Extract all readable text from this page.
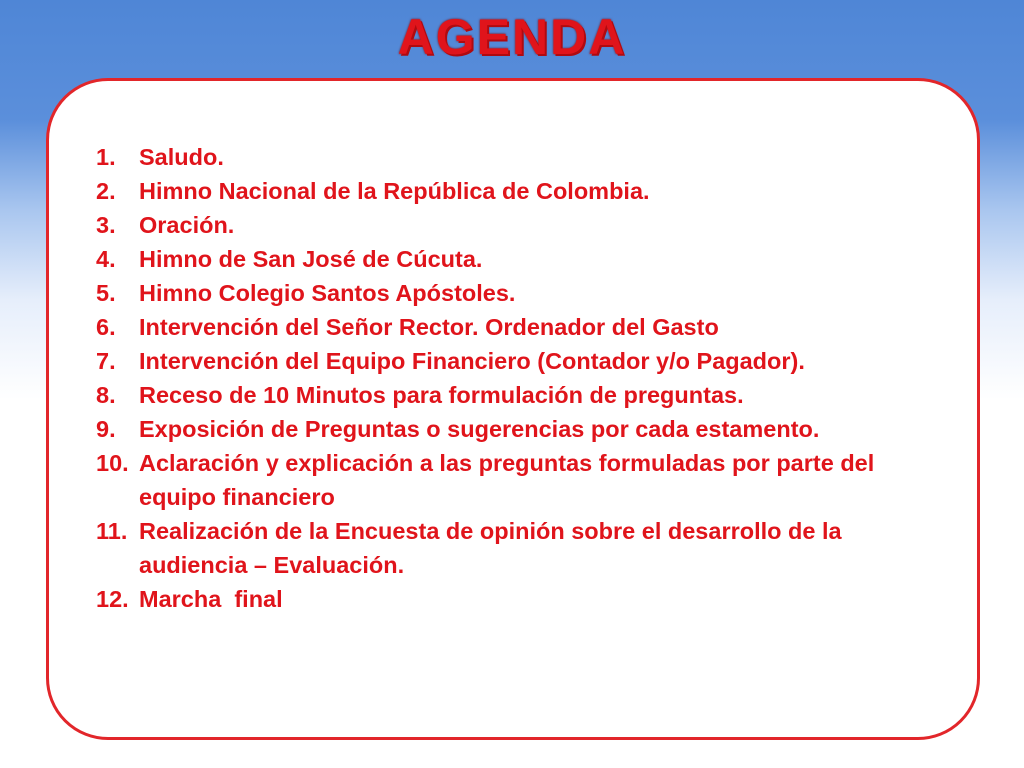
AGENDA
1. Saludo.
2. Himno Nacional de la República de Colombia.
3. Oración.
4. Himno de San José de Cúcuta.
5. Himno Colegio Santos Apóstoles.
6. Intervención del Señor Rector. Ordenador del Gasto
7. Intervención del Equipo Financiero (Contador y/o Pagador).
8. Receso de 10 Minutos para formulación de preguntas.
9. Exposición de Preguntas o sugerencias por cada estamento.
10. Aclaración y explicación a las preguntas formuladas por parte del equipo financiero
11. Realización de la Encuesta de opinión sobre el desarrollo de la audiencia – Evaluación.
12. Marcha  final
